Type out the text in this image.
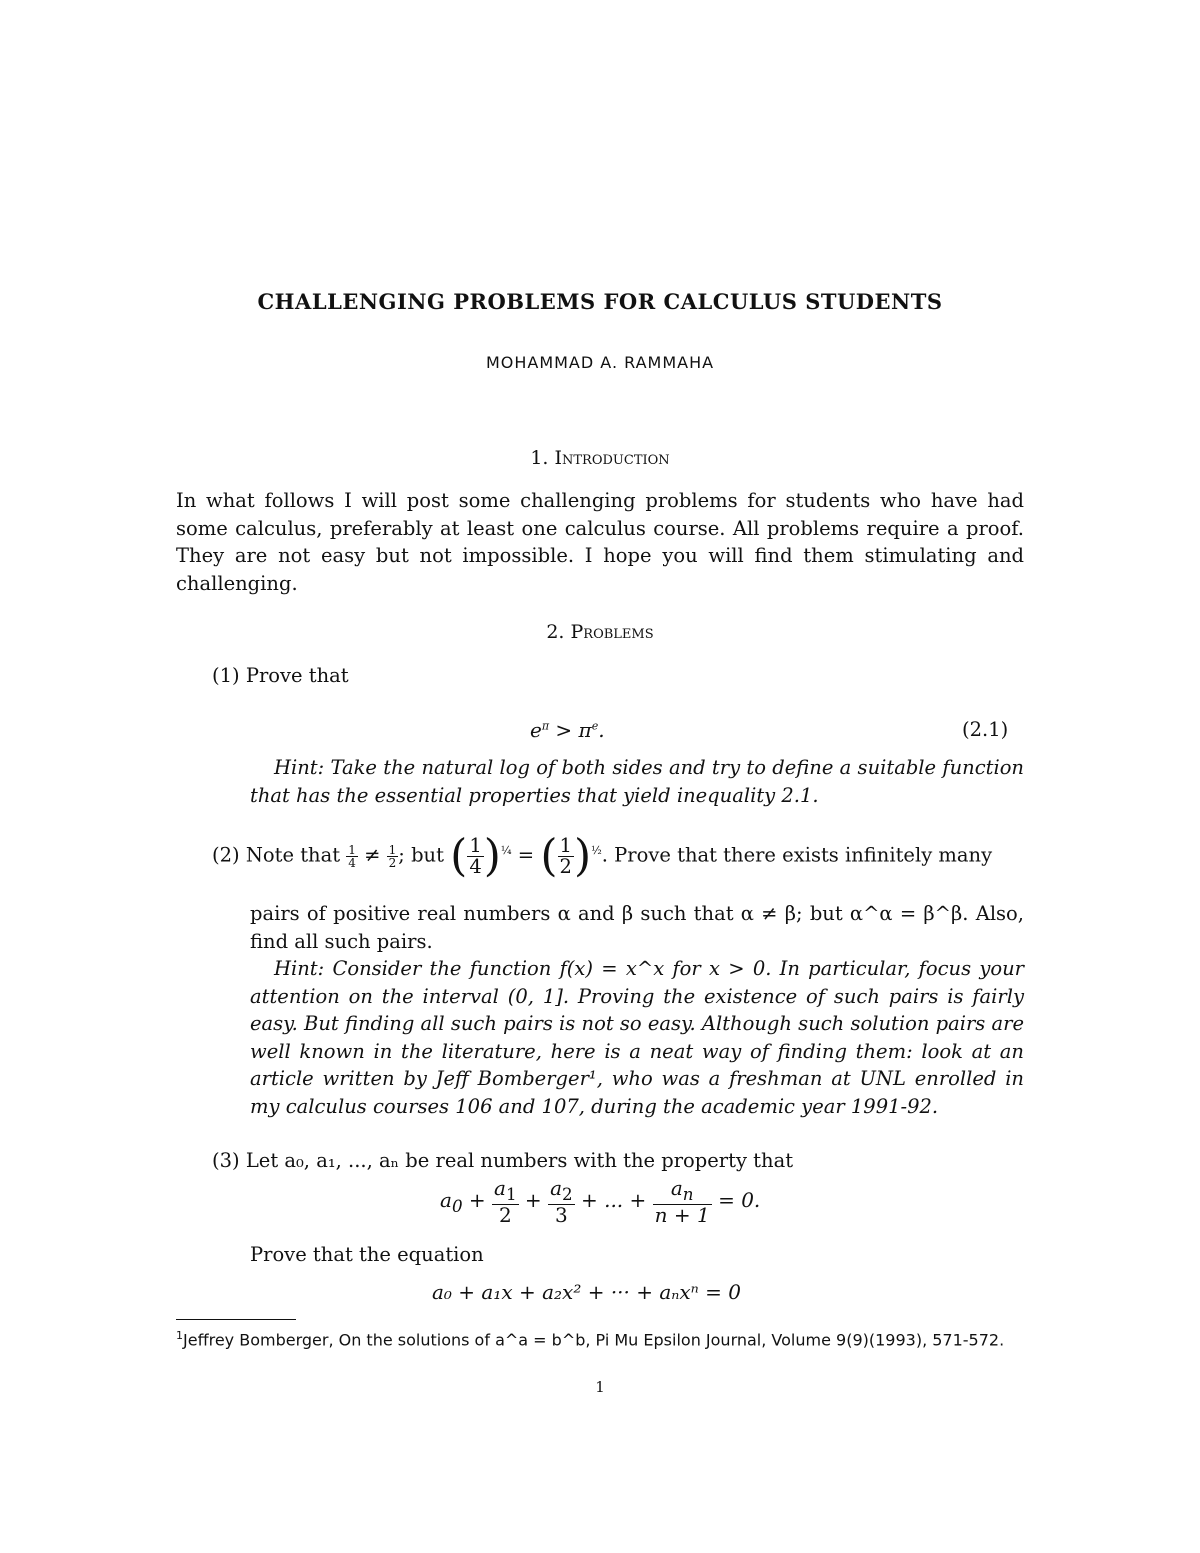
CHALLENGING PROBLEMS FOR CALCULUS STUDENTS
MOHAMMAD A. RAMMAHA
1. Introduction
In what follows I will post some challenging problems for students who have had some calculus, preferably at least one calculus course. All problems require a proof. They are not easy but not impossible. I hope you will find them stimulating and challenging.
2. Problems
(1) Prove that
$e^\pi > \pi^e$.	(2.1)
Hint: Take the natural log of both sides and try to define a suitable function that has the essential properties that yield inequality 2.1.
(2) Note that $\frac{1}{4} \ne \frac{1}{2}$ ; but ( $\frac{1}{4} )^{\frac{1}{4}}$ = ( $\frac{1}{2} )^{\frac{1}{2}}$. Prove that there exists infinitely many
pairs of positive real numbers α and β such that α ≠ β; but α^α = β^β. Also, find all such pairs.
Hint: Consider the function f(x) = x^x for x > 0. In particular, focus your attention on the interval (0, 1]. Proving the existence of such pairs is fairly easy. But finding all such pairs is not so easy. Although such solution pairs are well known in the literature, here is a neat way of finding them: look at an article written by Jeff Bomberger¹, who was a freshman at UNL enrolled in my calculus courses 106 and 107, during the academic year 1991-92.
(3) Let a₀, a₁, ..., aₙ be real numbers with the property that
$a_0 + \frac{a_1}{2} + \frac{a_2}{3}$ + ... + $\frac{a_n}{n + 1} = 0$.
Prove that the equation
a₀ + a₁x + a₂x² + ··· + aₙxⁿ = 0
$^1$Jeffrey Bomberger, On the solutions of a^a = b^b, Pi Mu Epsilon Journal, Volume 9(9)(1993), 571-572.
1
